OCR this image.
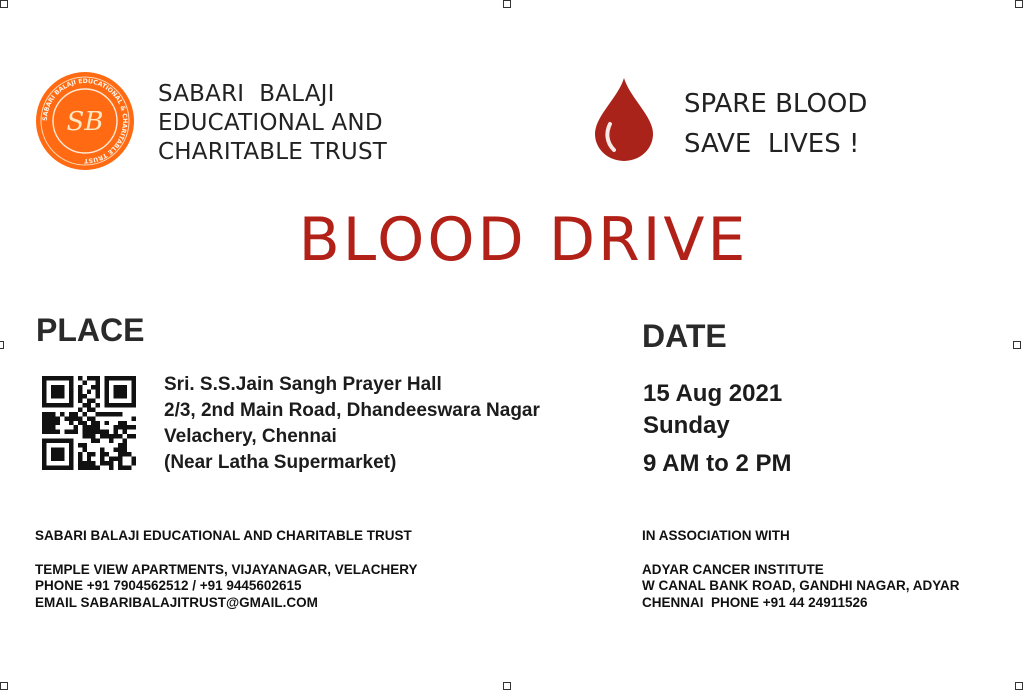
SABARI BALAJI EDUCATIONAL & CHARITABLE TRUST
SB
SABARI  BALAJI
EDUCATIONAL AND
CHARITABLE TRUST
SPARE BLOOD
SAVE  LIVES !
BLOOD DRIVE
PLACE
Sri. S.S.Jain Sangh Prayer Hall
2/3, 2nd Main Road, Dhandeeswara Nagar
Velachery, Chennai
(Near Latha Supermarket)
DATE
15 Aug 2021
Sunday
9 AM to 2 PM
SABARI BALAJI EDUCATIONAL AND CHARITABLE TRUST
TEMPLE VIEW APARTMENTS, VIJAYANAGAR, VELACHERY
PHONE +91 7904562512 / +91 9445602615
EMAIL SABARIBALAJITRUST@GMAIL.COM
IN ASSOCIATION WITH
ADYAR CANCER INSTITUTE
W CANAL BANK ROAD, GANDHI NAGAR, ADYAR
CHENNAI  PHONE +91 44 24911526
